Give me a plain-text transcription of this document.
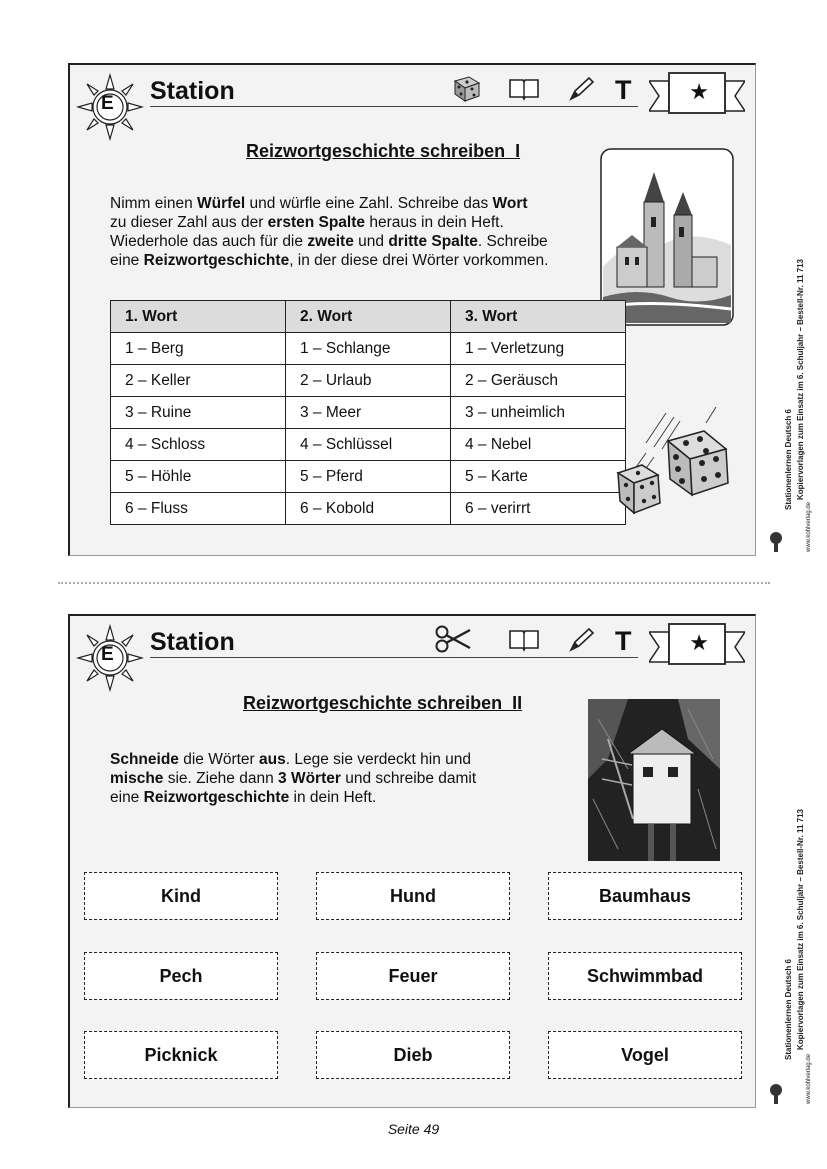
E Station	T	★
Reizwortgeschichte schreiben  I
Nimm einen Würfel und würfle eine Zahl. Schreibe das Wort
zu dieser Zahl aus der ersten Spalte heraus in dein Heft.
Wiederhole das auch für die zweite und dritte Spalte. Schreibe
eine Reizwortgeschichte, in der diese drei Wörter vorkommen.
1. Wort	2. Wort	3. Wort
1 – Berg	1 – Schlange	1 – Verletzung
2 – Keller	2 – Urlaub	2 – Geräusch
3 – Ruine	3 – Meer	3 – unheimlich
4 – Schloss	4 – Schlüssel	4 – Nebel
5 – Höhle	5 – Pferd	5 – Karte
6 – Fluss	6 – Kobold	6 – verirrt
E Station	T	★
Reizwortgeschichte schreiben  II
Schneide die Wörter aus. Lege sie verdeckt hin und
mische sie. Ziehe dann 3 Wörter und schreibe damit
eine Reizwortgeschichte in dein Heft.
Kind	Hund	Baumhaus
Pech	Feuer	Schwimmbad
Picknick	Dieb	Vogel
Stationenlernen Deutsch 6 Kopiervorlagen zum Einsatz im 6. Schuljahr – Bestell-Nr. 11 713
www.kohlverlag.de
Stationenlernen Deutsch 6 Kopiervorlagen zum Einsatz im 6. Schuljahr – Bestell-Nr. 11 713
www.kohlverlag.de
Seite 49
